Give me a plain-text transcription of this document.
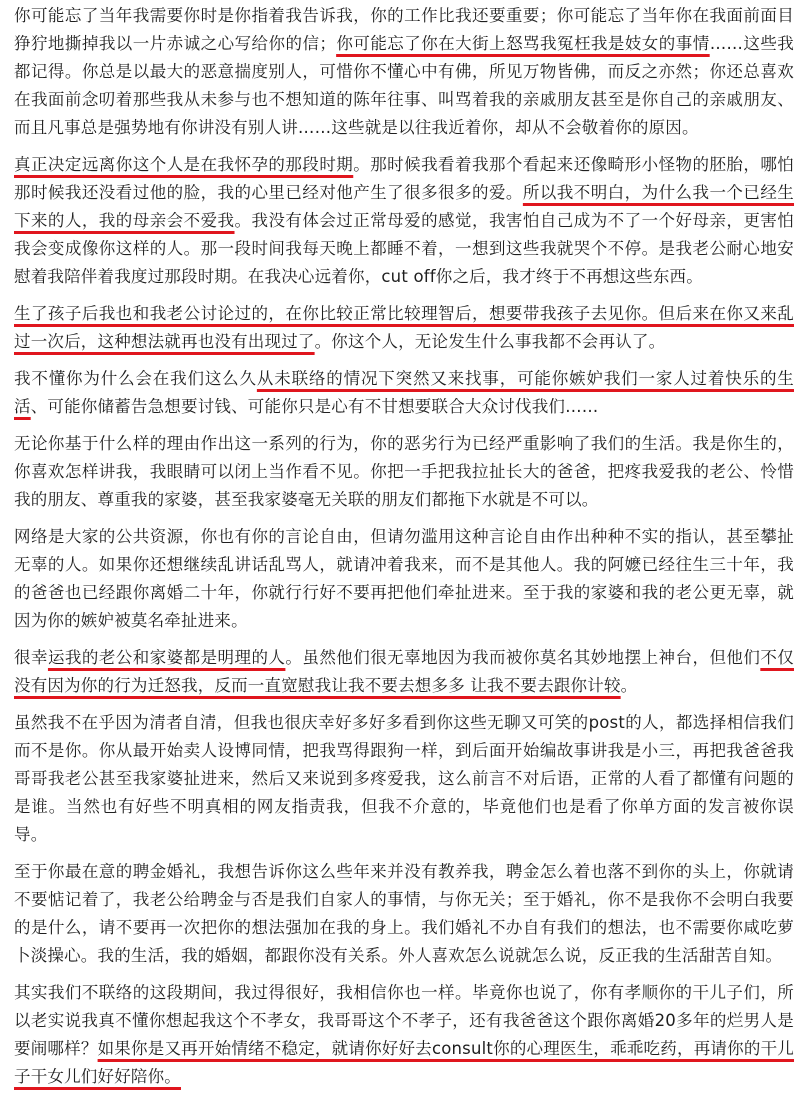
你可能忘了当年我需要你时是你指着我告诉我，你的工作比我还要重要；你可能忘了当年你在我面前面目狰狞地撕掉我以一片赤诚之心写给你的信；你可能忘了你在大街上怒骂我冤枉我是妓女的事情……这些我都记得。你总是以最大的恶意揣度别人，可惜你不懂心中有佛，所见万物皆佛，而反之亦然；你还总喜欢在我面前念叨着那些我从未参与也不想知道的陈年往事、叫骂着我的亲戚朋友甚至是你自己的亲戚朋友、而且凡事总是强势地有你讲没有别人讲……这些就是以往我近着你，却从不会敬着你的原因。

真正决定远离你这个人是在我怀孕的那段时期。那时候我看着我那个看起来还像畸形小怪物的胚胎，哪怕那时候我还没看过他的脸，我的心里已经对他产生了很多很多的爱。所以我不明白，为什么我一个已经生下来的人，我的母亲会不爱我。我没有体会过正常母爱的感觉，我害怕自己成为不了一个好母亲，更害怕我会变成像你这样的人。那一段时间我每天晚上都睡不着，一想到这些我就哭个不停。是我老公耐心地安慰着我陪伴着我度过那段时期。在我决心远着你，cut off你之后，我才终于不再想这些东西。

生了孩子后我也和我老公讨论过的，在你比较正常比较理智后，想要带我孩子去见你。但后来在你又来乱过一次后，这种想法就再也没有出现过了。你这个人，无论发生什么事我都不会再认了。

我不懂你为什么会在我们这么久从未联络的情况下突然又来找事，可能你嫉妒我们一家人过着快乐的生活、可能你储蓄告急想要讨钱、可能你只是心有不甘想要联合大众讨伐我们……

无论你基于什么样的理由作出这一系列的行为，你的恶劣行为已经严重影响了我们的生活。我是你生的，你喜欢怎样讲我，我眼睛可以闭上当作看不见。你把一手把我拉扯长大的爸爸，把疼我爱我的老公、怜惜我的朋友、尊重我的家婆，甚至我家婆毫无关联的朋友们都拖下水就是不可以。

网络是大家的公共资源，你也有你的言论自由，但请勿滥用这种言论自由作出种种不实的指认，甚至攀扯无辜的人。如果你还想继续乱讲话乱骂人，就请冲着我来，而不是其他人。我的阿嬷已经往生三十年，我的爸爸也已经跟你离婚二十年，你就行行好不要再把他们牵扯进来。至于我的家婆和我的老公更无辜，就因为你的嫉妒被莫名牵扯进来。

很幸运我的老公和家婆都是明理的人。虽然他们很无辜地因为我而被你莫名其妙地摆上神台，但他们不仅没有因为你的行为迁怒我，反而一直宽慰我让我不要去想多多 让我不要去跟你计较。

虽然我不在乎因为清者自清，但我也很庆幸好多好多看到你这些无聊又可笑的post的人，都选择相信我们而不是你。你从最开始卖人设博同情，把我骂得跟狗一样，到后面开始编故事讲我是小三，再把我爸爸我哥哥我老公甚至我家婆扯进来，然后又来说到多疼爱我，这么前言不对后语，正常的人看了都懂有问题的是谁。当然也有好些不明真相的网友指责我，但我不介意的，毕竟他们也是看了你单方面的发言被你误导。

至于你最在意的聘金婚礼，我想告诉你这么些年来并没有教养我，聘金怎么着也落不到你的头上，你就请不要惦记着了，我老公给聘金与否是我们自家人的事情，与你无关；至于婚礼，你不是我你不会明白我要的是什么，请不要再一次把你的想法强加在我的身上。我们婚礼不办自有我们的想法，也不需要你咸吃萝卜淡操心。我的生活，我的婚姻，都跟你没有关系。外人喜欢怎么说就怎么说，反正我的生活甜苦自知。

其实我们不联络的这段期间，我过得很好，我相信你也一样。毕竟你也说了，你有孝顺你的干儿子们，所以老实说我真不懂你想起我这个不孝女，我哥哥这个不孝子，还有我爸爸这个跟你离婚20多年的烂男人是要闹哪样？如果你是又再开始情绪不稳定，就请你好好去consult你的心理医生，乖乖吃药，再请你的干儿子干女儿们好好陪你。
